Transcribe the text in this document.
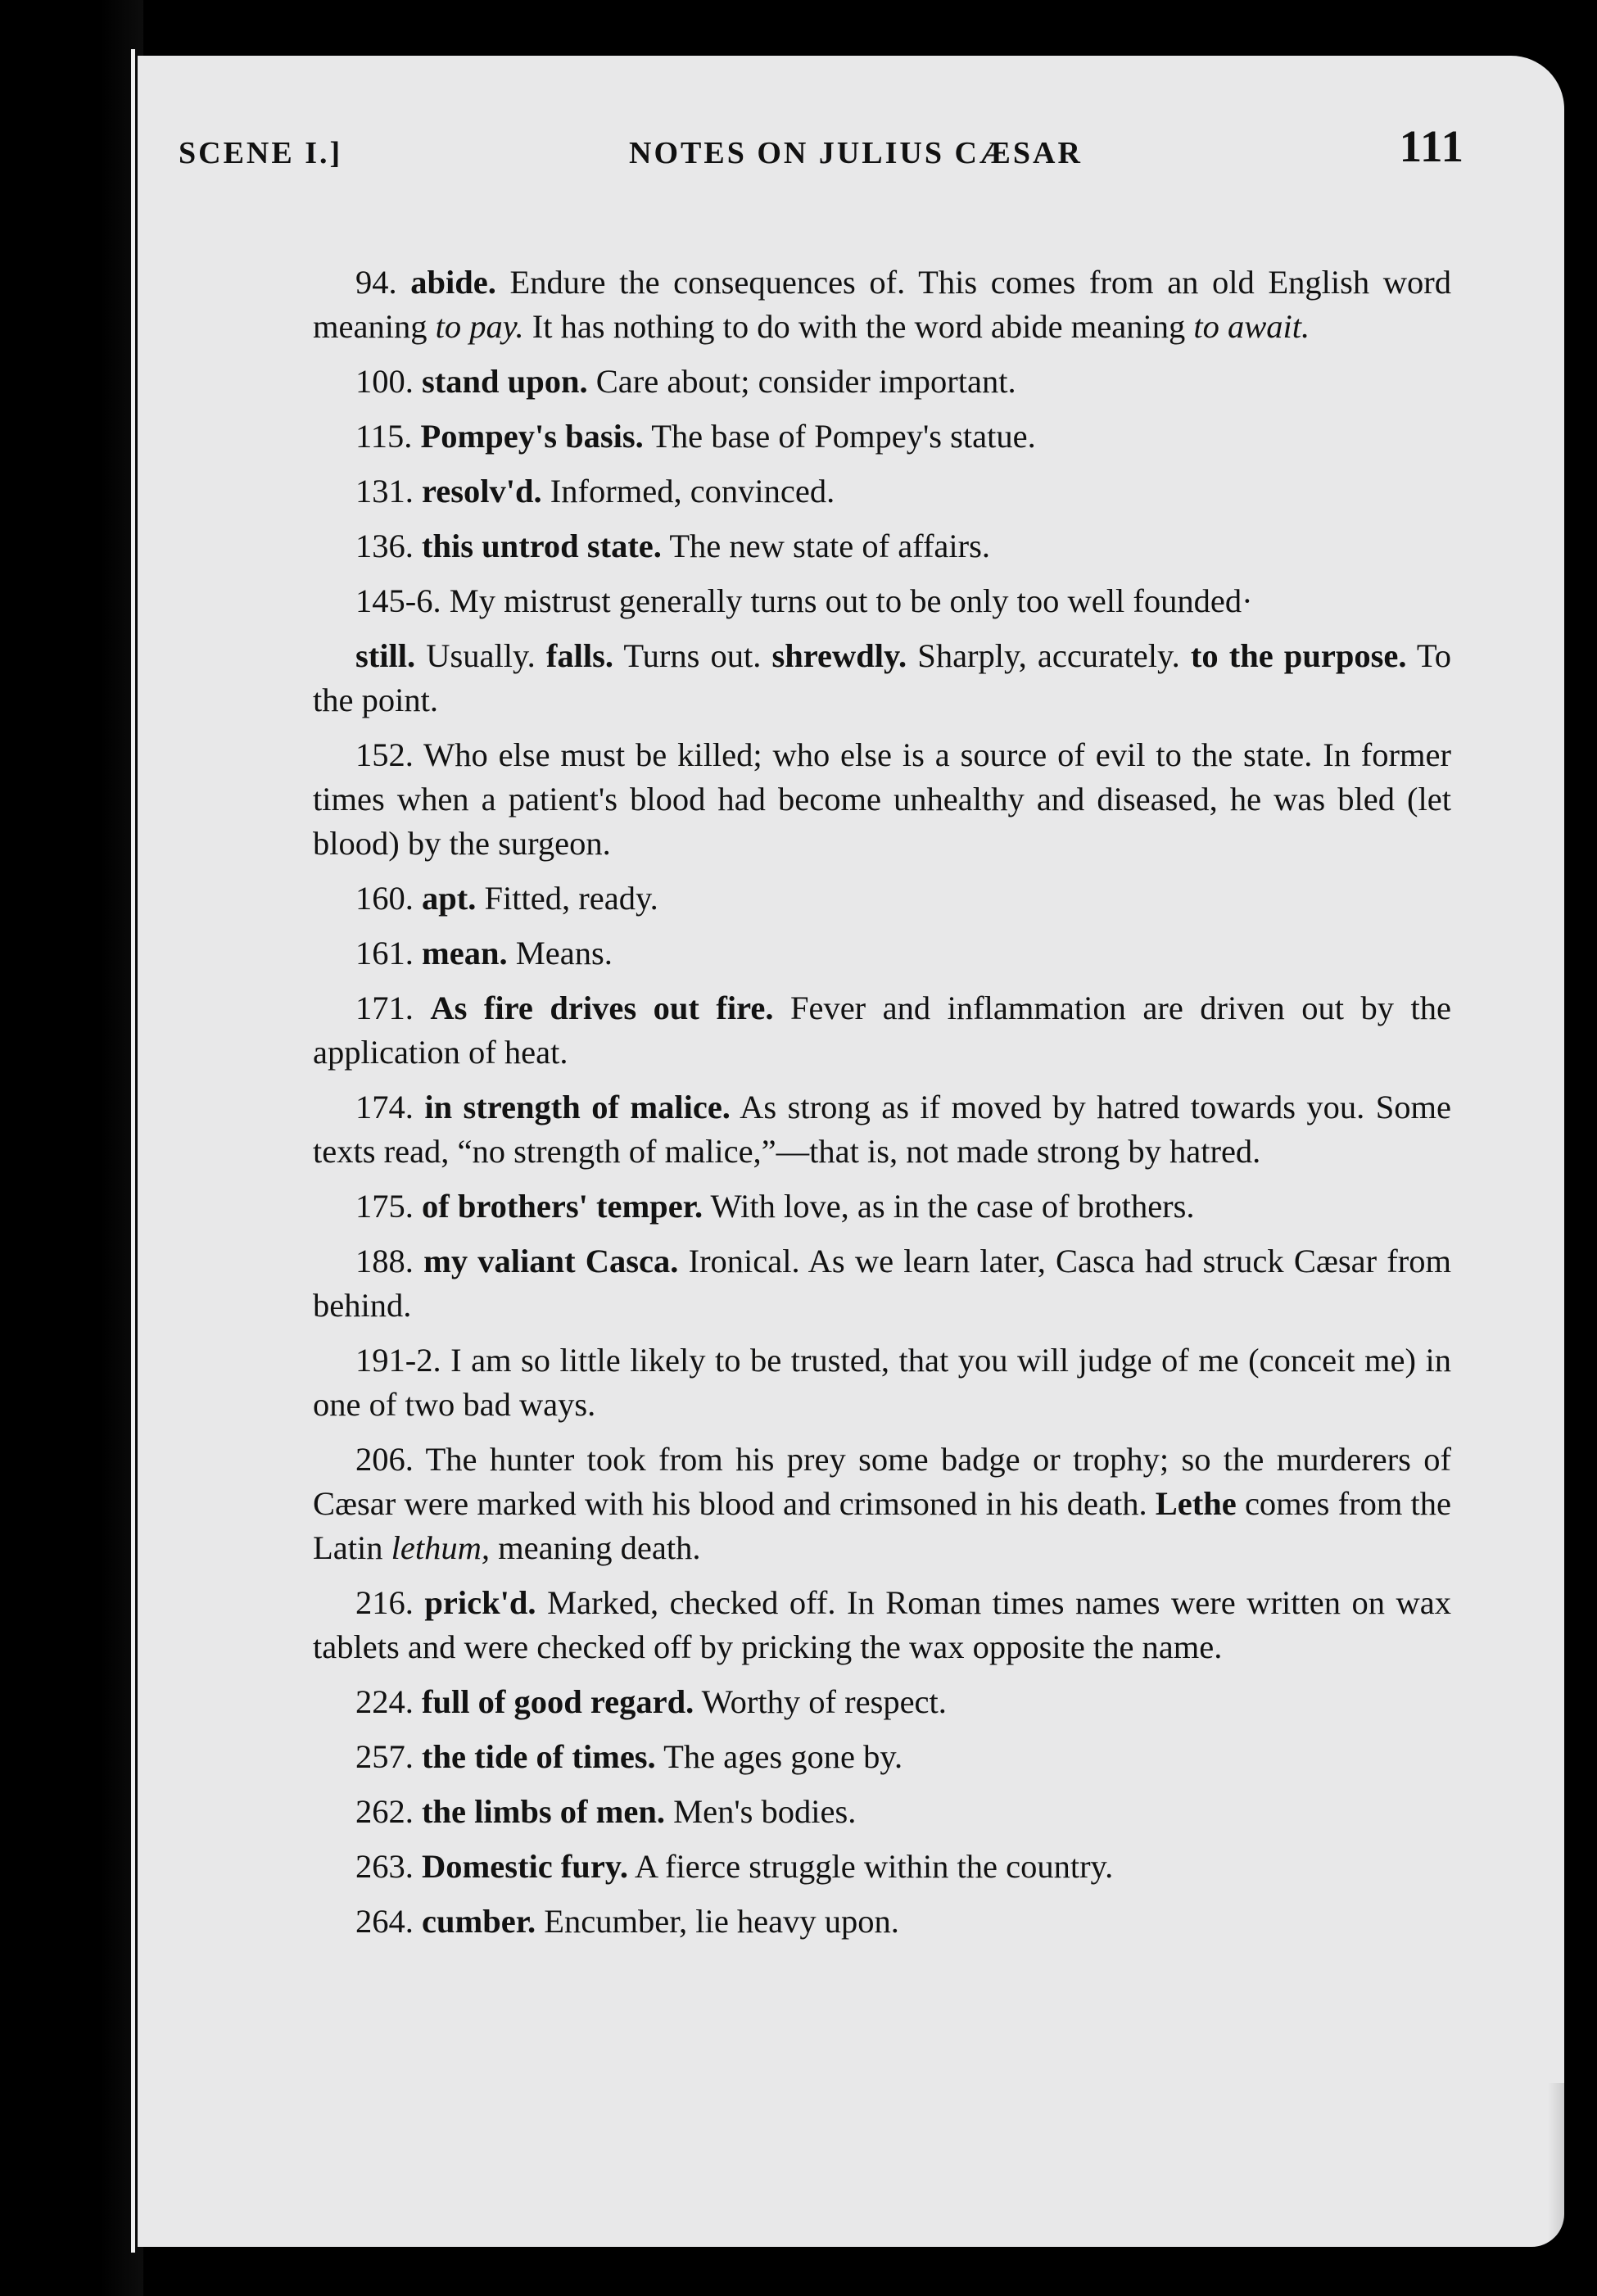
SCENE I.]	NOTES ON JULIUS CÆSAR	111

94. abide. Endure the consequences of. This comes from an old English word meaning to pay. It has nothing to do with the word abide meaning to await.

100. stand upon. Care about; consider important.

115. Pompey's basis. The base of Pompey's statue.

131. resolv'd. Informed, convinced.

136. this untrod state. The new state of affairs.

145-6. My mistrust generally turns out to be only too well founded·

still. Usually. falls. Turns out. shrewdly. Sharply, accurately. to the purpose. To the point.

152. Who else must be killed; who else is a source of evil to the state. In former times when a patient's blood had become unhealthy and diseased, he was bled (let blood) by the surgeon.

160. apt. Fitted, ready.

161. mean. Means.

171. As fire drives out fire. Fever and inflammation are driven out by the application of heat.

174. in strength of malice. As strong as if moved by hatred towards you. Some texts read, “no strength of malice,”—that is, not made strong by hatred.

175. of brothers' temper. With love, as in the case of brothers.

188. my valiant Casca. Ironical. As we learn later, Casca had struck Cæsar from behind.

191-2. I am so little likely to be trusted, that you will judge of me (conceit me) in one of two bad ways.

206. The hunter took from his prey some badge or trophy; so the murderers of Cæsar were marked with his blood and crimsoned in his death. Lethe comes from the Latin lethum, meaning death.

216. prick'd. Marked, checked off. In Roman times names were written on wax tablets and were checked off by pricking the wax opposite the name.

224. full of good regard. Worthy of respect.

257. the tide of times. The ages gone by.

262. the limbs of men. Men's bodies.

263. Domestic fury. A fierce struggle within the country.

264. cumber. Encumber, lie heavy upon.
